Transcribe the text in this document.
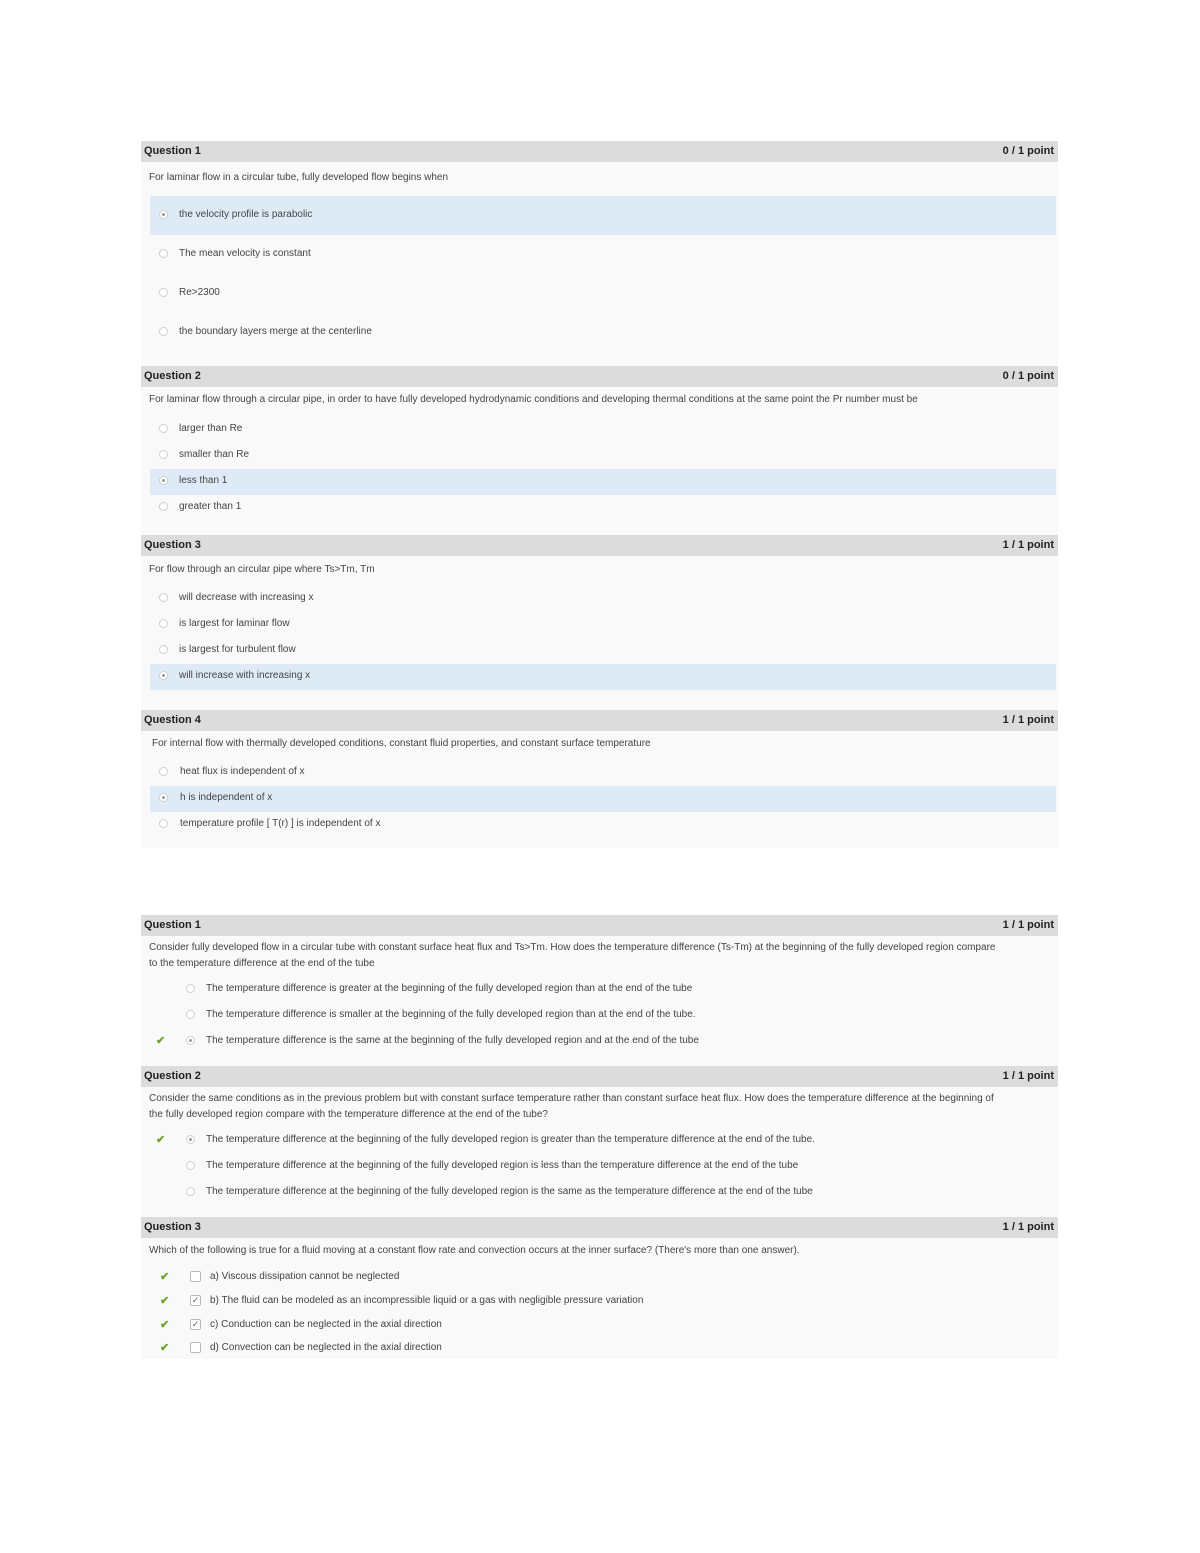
Question 1	0 / 1 point
For laminar flow in a circular tube, fully developed flow begins when
the velocity profile is parabolic
The mean velocity is constant
Re>2300
the boundary layers merge at the centerline
Question 2	0 / 1 point
For laminar flow through a circular pipe, in order to have fully developed hydrodynamic conditions and developing thermal conditions at the same point the Pr number must be
larger than Re
smaller than Re
less than 1
greater than 1
Question 3	1 / 1 point
For flow through an circular pipe where Ts>Tm, Tm
will decrease with increasing x
is largest for laminar flow
is largest for turbulent flow
will increase with increasing x
Question 4	1 / 1 point
For internal flow with thermally developed conditions, constant fluid properties, and constant surface temperature
heat flux is independent of x
h is independent of x
temperature profile [ T(r) ] is independent of x
Question 1	1 / 1 point
Consider fully developed flow in a circular tube with constant surface heat flux and Ts>Tm. How does the temperature difference (Ts-Tm) at the beginning of the fully developed region compare
to the temperature difference at the end of the tube
The temperature difference is greater at the beginning of the fully developed region than at the end of the tube
The temperature difference is smaller at the beginning of the fully developed region than at the end of the tube.
✔	The temperature difference is the same at the beginning of the fully developed region and at the end of the tube
Question 2	1 / 1 point
Consider the same conditions as in the previous problem but with constant surface temperature rather than constant surface heat flux. How does the temperature difference at the beginning of
the fully developed region compare with the temperature difference at the end of the tube?
✔	The temperature difference at the beginning of the fully developed region is greater than the temperature difference at the end of the tube.
The temperature difference at the beginning of the fully developed region is less than the temperature difference at the end of the tube
The temperature difference at the beginning of the fully developed region is the same as the temperature difference at the end of the tube
Question 3	1 / 1 point
Which of the following is true for a fluid moving at a constant flow rate and convection occurs at the inner surface? (There's more than one answer).
✔	a) Viscous dissipation cannot be neglected
✔	✓ b) The fluid can be modeled as an incompressible liquid or a gas with negligible pressure variation
✔	✓ c) Conduction can be neglected in the axial direction
✔	d) Convection can be neglected in the axial direction
